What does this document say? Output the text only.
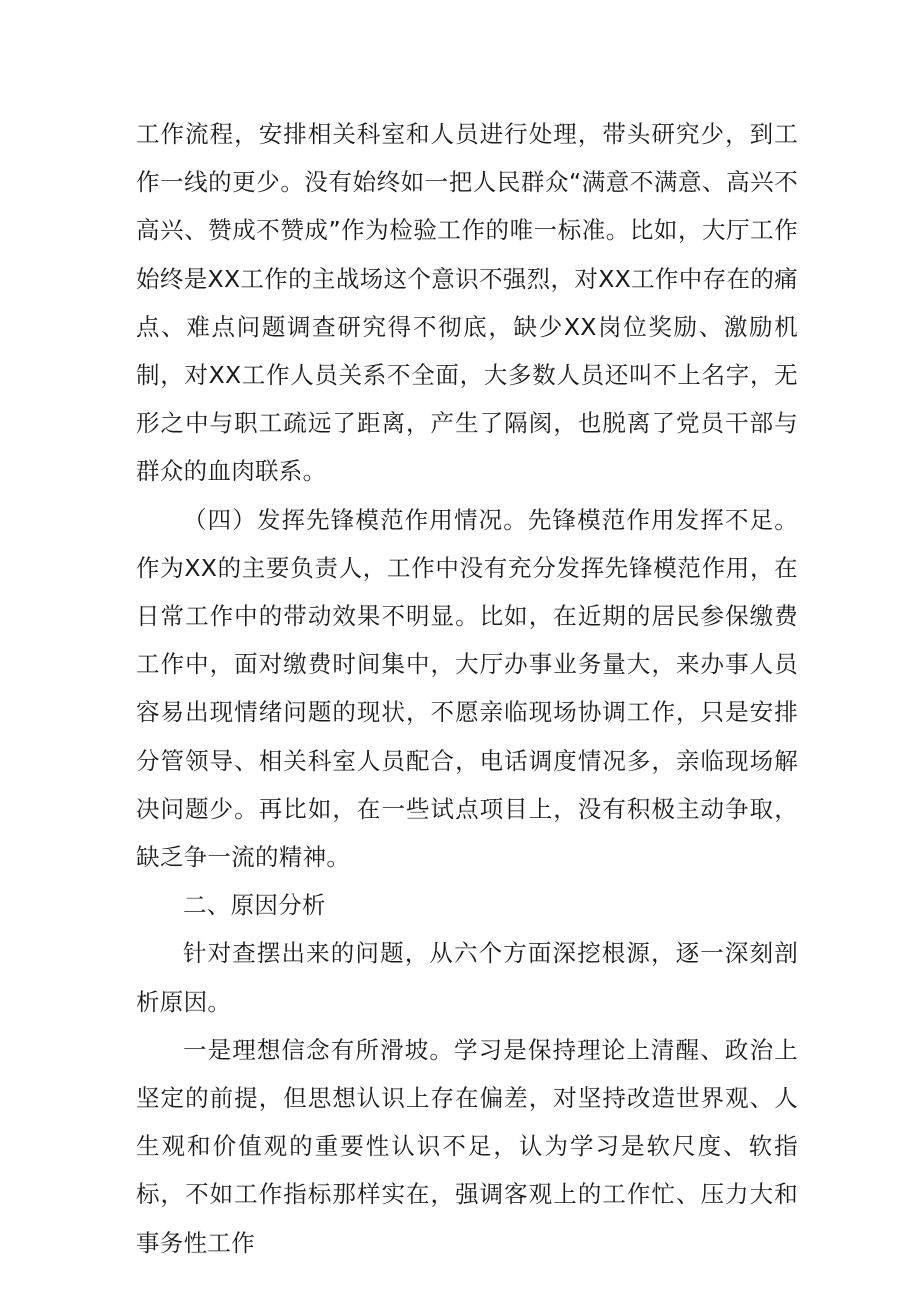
工作流程，安排相关科室和人员进行处理，带头研究少，到工作一线的更少。没有始终如一把人民群众“满意不满意、高兴不高兴、赞成不赞成”作为检验工作的唯一标准。比如，大厅工作始终是XX工作的主战场这个意识不强烈，对XX工作中存在的痛点、难点问题调查研究得不彻底，缺少XX岗位奖励、激励机制，对XX工作人员关系不全面，大多数人员还叫不上名字，无形之中与职工疏远了距离，产生了隔阂，也脱离了党员干部与群众的血肉联系。

（四）发挥先锋模范作用情况。先锋模范作用发挥不足。作为XX的主要负责人，工作中没有充分发挥先锋模范作用，在日常工作中的带动效果不明显。比如，在近期的居民参保缴费工作中，面对缴费时间集中，大厅办事业务量大，来办事人员容易出现情绪问题的现状，不愿亲临现场协调工作，只是安排分管领导、相关科室人员配合，电话调度情况多，亲临现场解决问题少。再比如，在一些试点项目上，没有积极主动争取，缺乏争一流的精神。

二、原因分析

针对查摆出来的问题，从六个方面深挖根源，逐一深刻剖析原因。

一是理想信念有所滑坡。学习是保持理论上清醒、政治上坚定的前提，但思想认识上存在偏差，对坚持改造世界观、人生观和价值观的重要性认识不足，认为学习是软尺度、软指标，不如工作指标那样实在，强调客观上的工作忙、压力大和事务性工作
